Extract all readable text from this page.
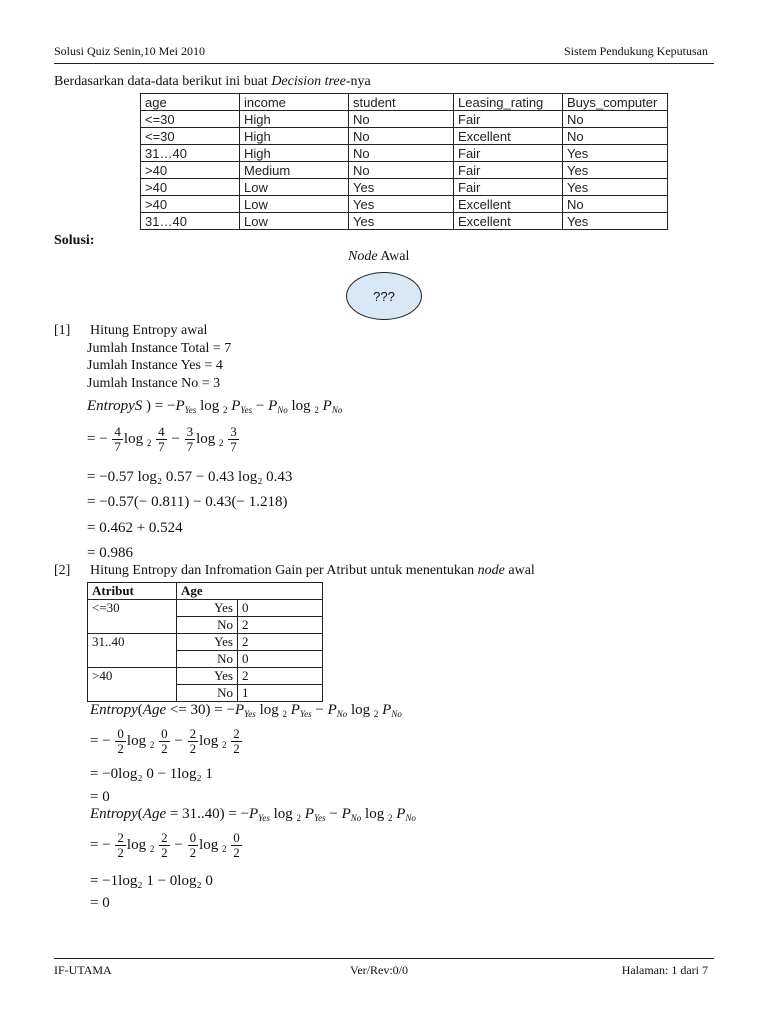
Solusi Quiz Senin,10 Mei 2010	Sistem Pendukung Keputusan
Berdasarkan data-data berikut ini buat Decision tree-nya
age	income	student	Leasing_rating	Buys_computer
<=30	High	No	Fair	No
<=30	High	No	Excellent	No
31…40	High	No	Fair	Yes
>40	Medium	No	Fair	Yes
>40	Low	Yes	Fair	Yes
>40	Low	Yes	Excellent	No
31…40	Low	Yes	Excellent	Yes
Solusi:
Node Awal
???
[1] Hitung Entropy awal
Jumlah Instance Total = 7
Jumlah Instance Yes = 4
Jumlah Instance No = 3
EntropyS ) = $-P_{Yes}$ log $_2$ $P_{Yes} - P_{No}$ log $_2$ $P_{No}$
= − $\frac{4}{7}$ $\log _2 \frac{4}{7} - \frac{3}{7}$ $\log _2 \frac{3}{7}$
= −0.57 log₂ 0.57 − 0.43 log₂ 0.43
= −0.57(− 0.811) − 0.43(− 1.218)
= 0.462 + 0.524
= 0.986
[2] Hitung Entropy dan Infromation Gain per Atribut untuk menentukan node awal
Atribut	Age	
<=30	Yes	0
	No	2
31..40	Yes	2
	No	0
>40	Yes	2
	No	1
Entropy(Age <= $30) = -P_{Yes}$ log $_2$ $P_{Yes} - P_{No}$ log $_2$ $P_{No}$
= − $\frac{0}{2}$ $\log _2 \frac{0}{2} - \frac{2}{2}$ $\log _2 \frac{2}{2}$
= −0log₂ 0 − 1log₂ 1
= 0
Entropy(Age = $31..40) = -P_{Yes}$ log $_2$ $P_{Yes} - P_{No}$ log $_2$ $P_{No}$
= − $\frac{2}{2}$ $\log _2 \frac{2}{2} - \frac{0}{2}$ $\log _2 \frac{0}{2}$
= −1log₂ 1 − 0log₂ 0
= 0
IF-UTAMA	Ver/Rev:0/0	Halaman: 1 dari 7
